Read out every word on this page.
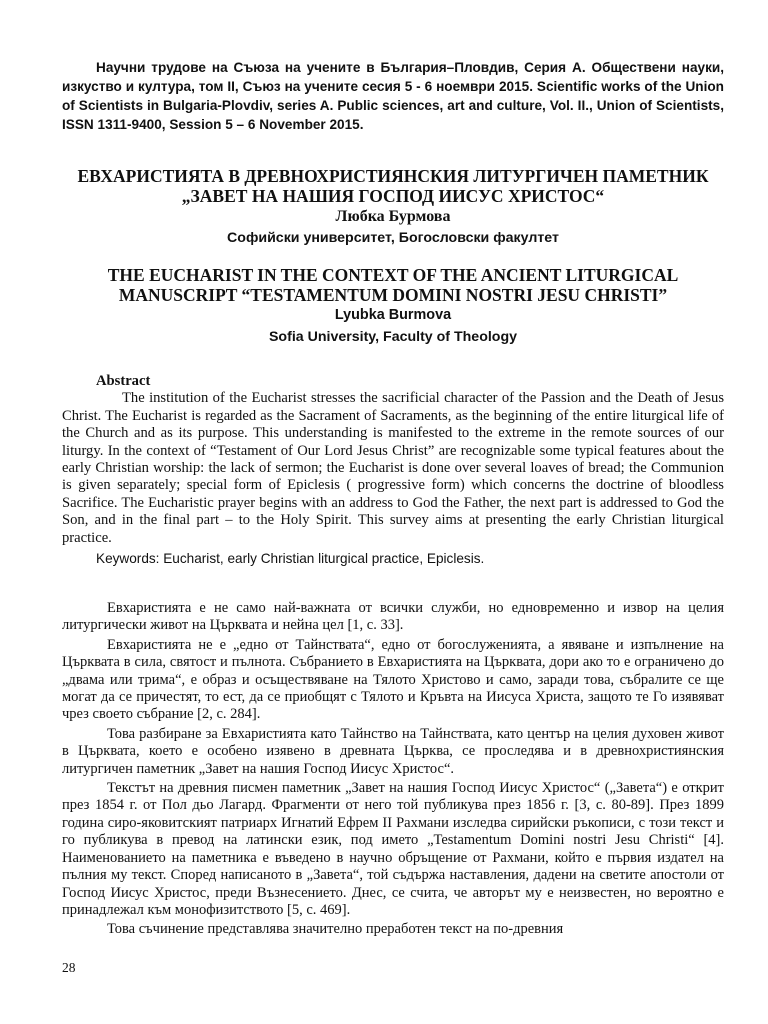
Научни трудове на Съюза на учените в България–Пловдив, Серия А. Обществени науки, изкуство и култура, том II, Съюз на учените сесия 5 - 6 ноември 2015. Scientific works of the Union of Scientists in Bulgaria-Plovdiv, series A. Public sciences, art and culture, Vol. II., Union of Scientists, ISSN 1311-9400, Session 5 – 6 November 2015.

ЕВХАРИСТИЯТА В ДРЕВНОХРИСТИЯНСКИЯ ЛИТУРГИЧЕН ПАМЕТНИК „ЗАВЕТ НА НАШИЯ ГОСПОД ИИСУС ХРИСТОС“

Любка Бурмова

Софийски университет, Богословски факултет

THE EUCHARIST IN THE CONTEXT OF THE ANCIENT LITURGICAL MANUSCRIPT “TESTAMENTUM DOMINI NOSTRI JESU CHRISTI”

Lyubka Burmova

Sofia University, Faculty of Theology

Abstract

The institution of the Eucharist stresses the sacrificial character of the Passion and the Death of Jesus Christ. The Eucharist is regarded as the Sacrament of Sacraments, as the beginning of the entire liturgical life of the Church and as its purpose. This understanding is manifested to the extreme in the remote sources of our liturgy. In the context of “Testament of Our Lord Jesus Christ” are recognizable some typical features about the early Christian worship: the lack of sermon; the Eucharist is done over several loaves of bread; the Communion is given separately; special form of Epiclesis ( progressive form) which concerns the doctrine of bloodless Sacrifice. The Eucharistic prayer begins with an address to God the Father, the next part is addressed to God the Son, and in the final part – to the Holy Spirit. This survey aims at presenting the early Christian liturgical practice.

Keywords: Eucharist, early Christian liturgical practice, Epiclesis.

Евхаристията е не само най-важната от всички служби, но едновременно и извор на целия литургически живот на Църквата и нейна цел [1, с. 33].

Евхаристията не е „едно от Тайнствата“, едно от богослуженията, а явяване и изпълнение на Църквата в сила, святост и пълнота. Събранието в Евхаристията на Църквата, дори ако то е ограничено до „двама или трима“, е образ и осъществяване на Тялото Христово и само, заради това, събралите се ще могат да се причестят, то ест, да се приобщят с Тялото и Кръвта на Иисуса Христа, защото те Го изявяват чрез своето събрание [2, с. 284].

Това разбиране за Евхаристията като Тайнство на Тайнствата, като център на целия духовен живот в Църквата, което е особено изявено в древната Църква, се проследява и в древнохристиянския литургичен паметник „Завет на нашия Господ Иисус Христос“.

Текстът на древния писмен паметник „Завет на нашия Господ Иисус Христос“ („Завета“) е открит през 1854 г. от Пол дьо Лагард. Фрагменти от него той публикува през 1856 г. [3, с. 80-89]. През 1899 година сиро-яковитският патриарх Игнатий Ефрем II Рахмани изследва сирийски ръкописи, с този текст и го публикува в превод на латински език, под името „Testamentum Domini nostri Jesu Christi“ [4]. Наименованието на паметника е въведено в научно обръщение от Рахмани, който е първия издател на пълния му текст. Според написаното в „Завета“, той съдържа наставления, дадени на светите апостоли от Господ Иисус Христос, преди Възнесението. Днес, се счита, че авторът му е неизвестен, но вероятно е принадлежал към монофизитството [5, с. 469].

Това съчинение представлява значително преработен текст на по-древния

28
